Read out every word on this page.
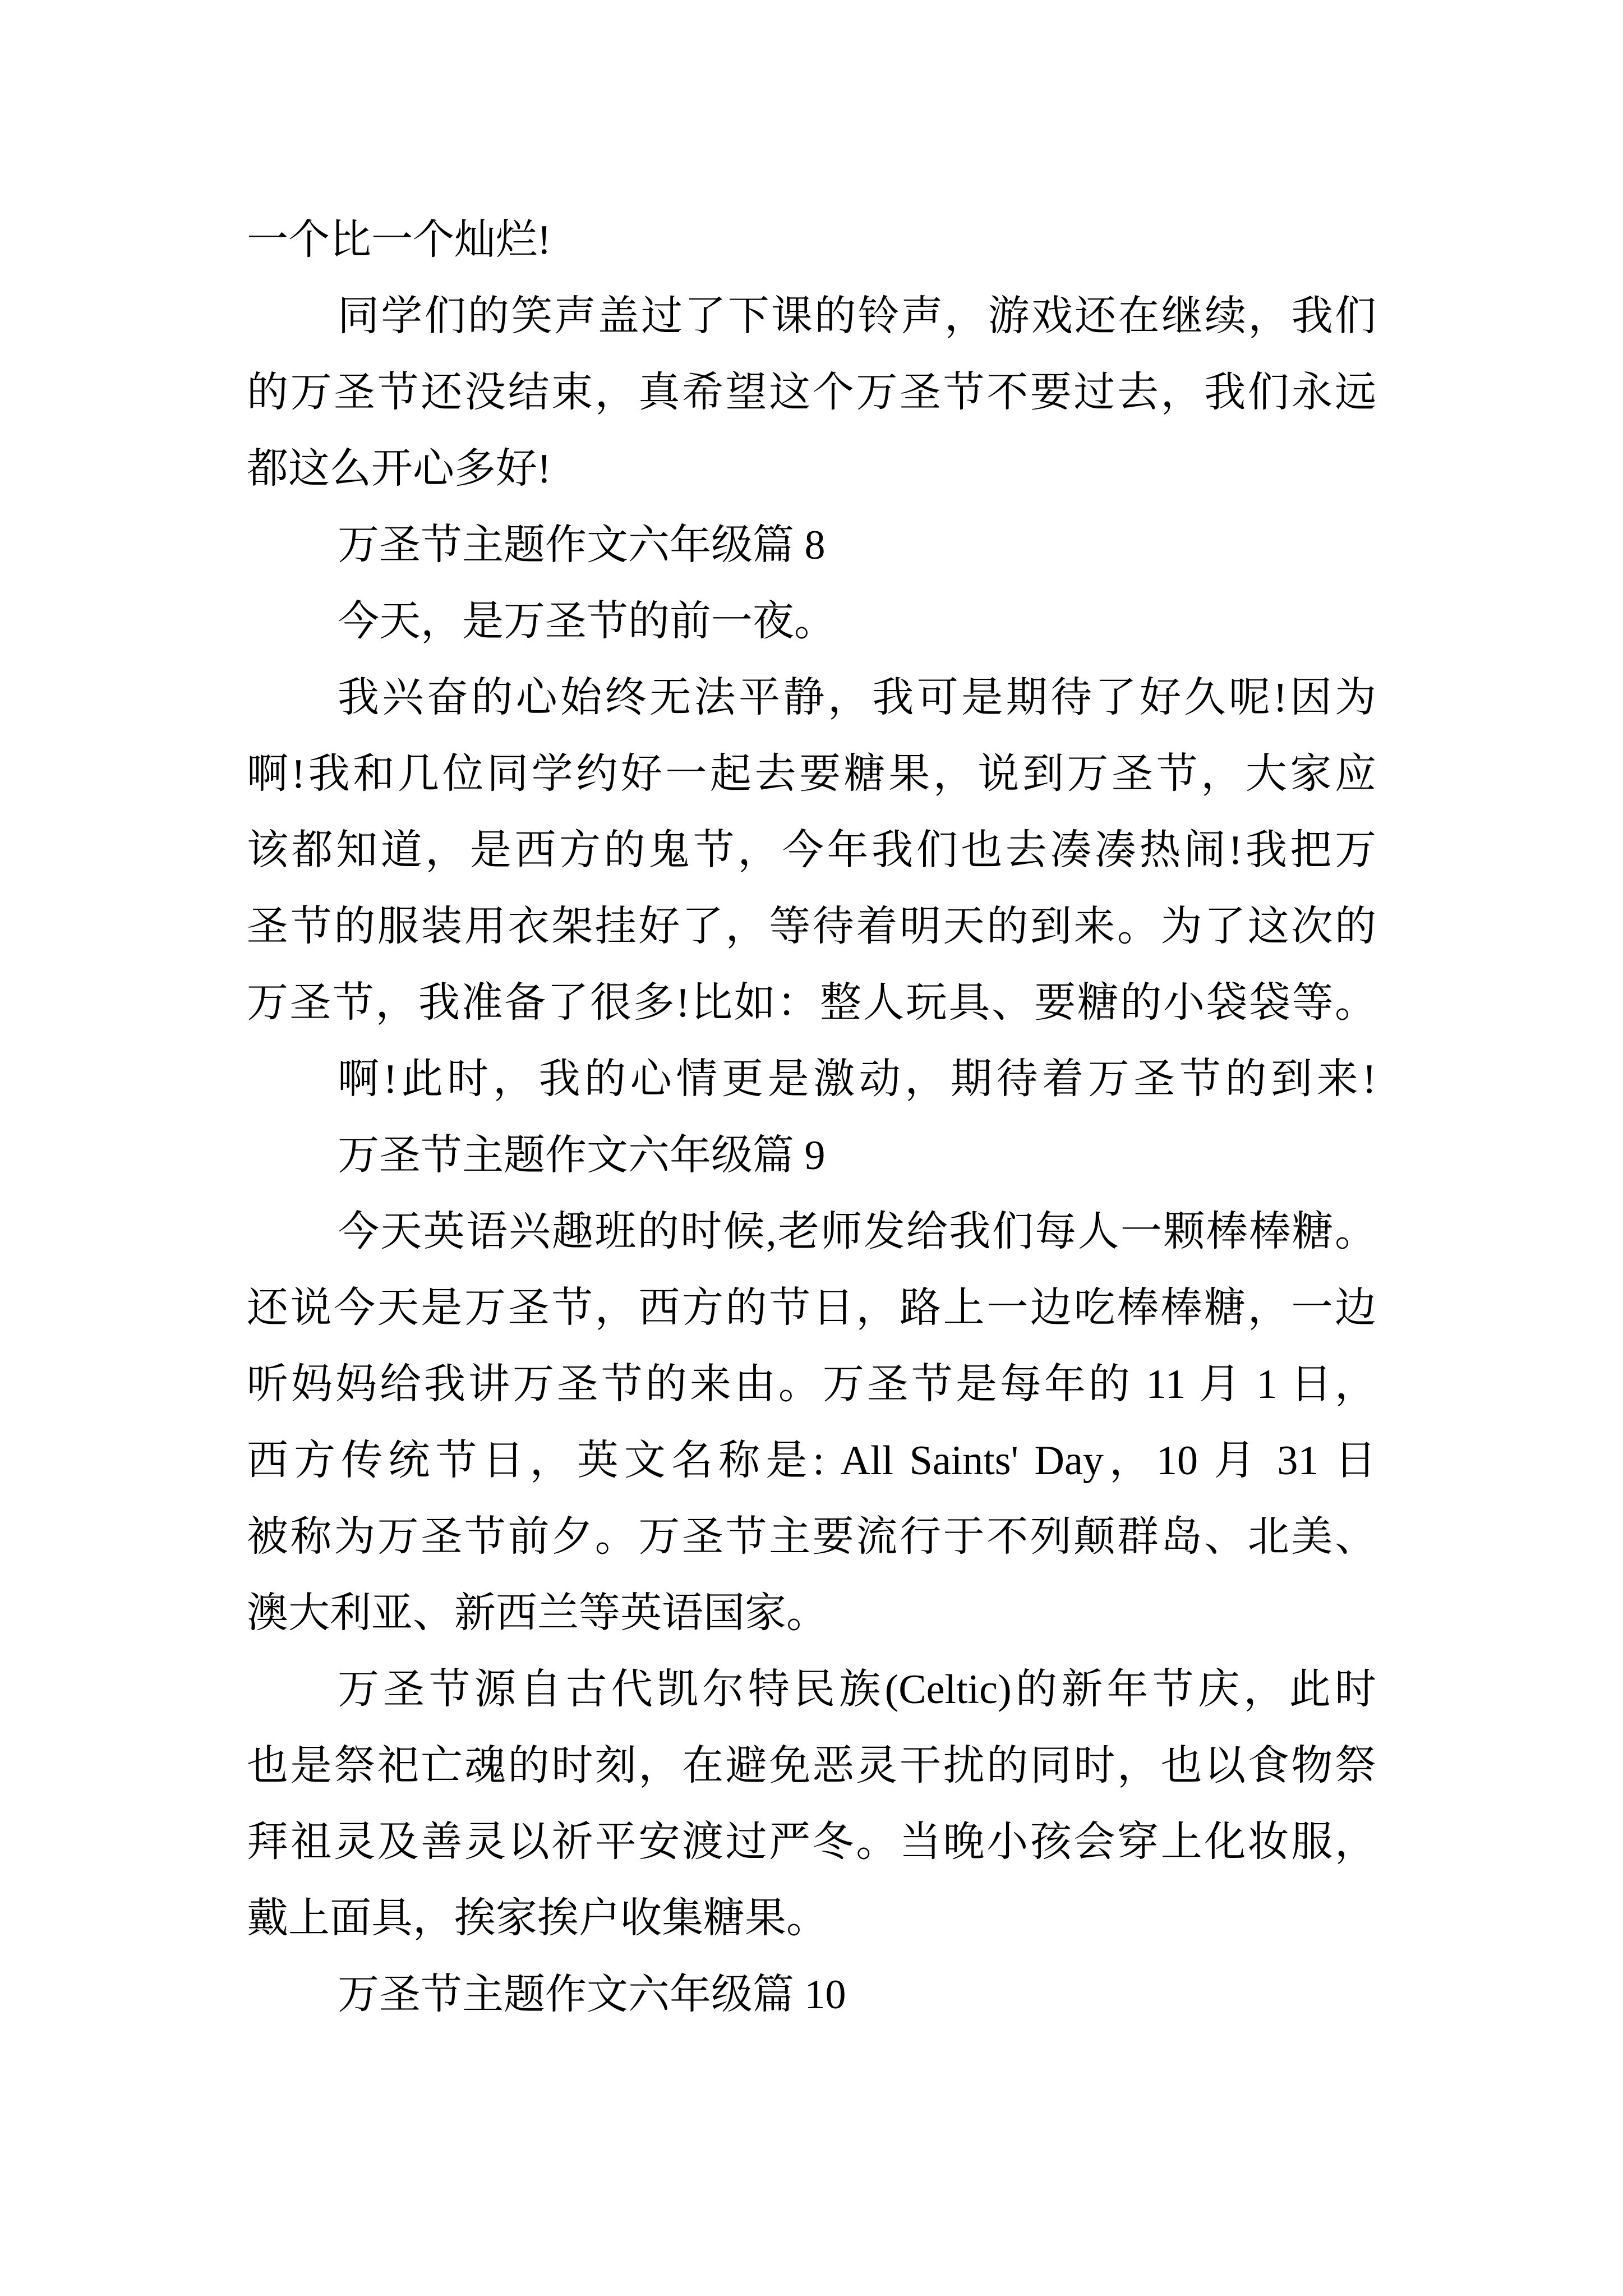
一个比一个灿烂!
同学们的笑声盖过了下课的铃声，游戏还在继续，我们
的万圣节还没结束，真希望这个万圣节不要过去，我们永远
都这么开心多好!
万圣节主题作文六年级篇 8
今天，是万圣节的前一夜。
我兴奋的心始终无法平静，我可是期待了好久呢!因为
啊!我和几位同学约好一起去要糖果，说到万圣节，大家应
该都知道，是西方的鬼节，今年我们也去凑凑热闹!我把万
圣节的服装用衣架挂好了，等待着明天的到来。为了这次的
万圣节，我准备了很多!比如：整人玩具、要糖的小袋袋等。
啊!此时，我的心情更是激动，期待着万圣节的到来!
万圣节主题作文六年级篇 9
今天英语兴趣班的时候,老师发给我们每人一颗棒棒糖。
还说今天是万圣节，西方的节日，路上一边吃棒棒糖，一边
听妈妈给我讲万圣节的来由。万圣节是每年的 11 月 1 日，
西方传统节日，英文名称是: All Saints' Day，10 月 31 日
被称为万圣节前夕。万圣节主要流行于不列颠群岛、北美、
澳大利亚、新西兰等英语国家。
万圣节源自古代凯尔特民族(Celtic)的新年节庆，此时
也是祭祀亡魂的时刻，在避免恶灵干扰的同时，也以食物祭
拜祖灵及善灵以祈平安渡过严冬。当晚小孩会穿上化妆服，
戴上面具，挨家挨户收集糖果。
万圣节主题作文六年级篇 10
